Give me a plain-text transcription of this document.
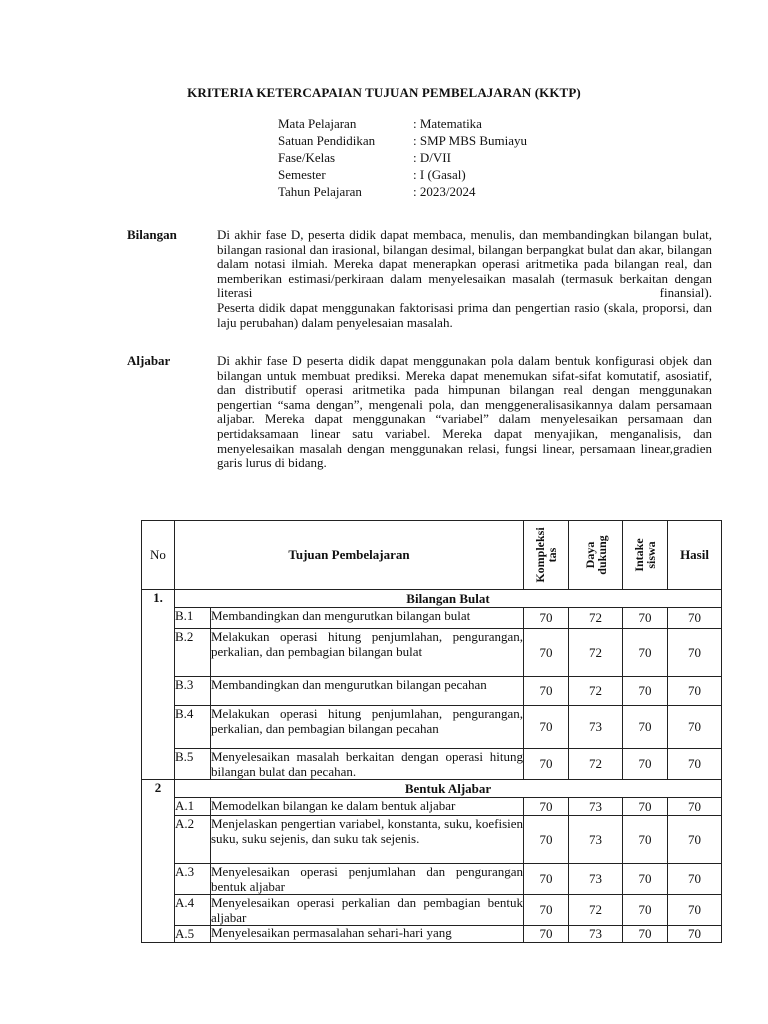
KRITERIA KETERCAPAIAN TUJUAN PEMBELAJARAN (KKTP)
Mata Pelajaran	: Matematika
Satuan Pendidikan	: SMP MBS Bumiayu
Fase/Kelas	: D/VII
Semester	: I (Gasal)
Tahun Pelajaran	: 2023/2024
Bilangan	Di akhir fase D, peserta didik dapat membaca, menulis, dan membandingkan bilangan bulat, bilangan rasional dan irasional, bilangan desimal, bilangan berpangkat bulat dan akar, bilangan dalam notasi ilmiah. Mereka dapat menerapkan operasi aritmetika pada bilangan real, dan memberikan estimasi/perkiraan dalam menyelesaikan masalah (termasuk berkaitan dengan literasi finansial).

Peserta didik dapat menggunakan faktorisasi prima dan pengertian rasio (skala, proporsi, dan laju perubahan) dalam penyelesaian masalah.

Aljabar	Di akhir fase D peserta didik dapat menggunakan pola dalam bentuk konfigurasi objek dan bilangan untuk membuat prediksi. Mereka dapat menemukan sifat-sifat komutatif, asosiatif, dan distributif operasi aritmetika pada himpunan bilangan real dengan menggunakan pengertian “sama dengan”, mengenali pola, dan menggeneralisasikannya dalam persamaan aljabar. Mereka dapat menggunakan “variabel” dalam menyelesaikan persamaan dan pertidaksamaan linear satu variabel. Mereka dapat menyajikan, menganalisis, dan menyelesaikan masalah dengan menggunakan relasi, fungsi linear, persamaan linear,gradien garis lurus di bidang.

No	Tujuan Pembelajaran		Kompleksi tas	Daya dukung	Intake siswa	Hasil
1.	Bilangan Bulat					
	B.1	Membandingkan dan mengurutkan bilangan bulat	70	72	70	70
	B.2	Melakukan operasi hitung penjumlahan, pengurangan, perkalian, dan pembagian bilangan bulat	70	72	70	70
	B.3	Membandingkan dan mengurutkan bilangan pecahan	70	72	70	70
	B.4	Melakukan operasi hitung penjumlahan, pengurangan, perkalian, dan pembagian bilangan pecahan	70	73	70	70
	B.5	Menyelesaikan masalah berkaitan dengan operasi hitung bilangan bulat dan pecahan.	70	72	70	70
2	Bentuk Aljabar					
	A.1	Memodelkan bilangan ke dalam bentuk aljabar	70	73	70	70
	A.2	Menjelaskan pengertian variabel, konstanta, suku, koefisien suku, suku sejenis, dan suku tak sejenis.	70	73	70	70
	A.3	Menyelesaikan operasi penjumlahan dan pengurangan bentuk aljabar	70	73	70	70
	A.4	Menyelesaikan operasi perkalian dan pembagian bentuk aljabar	70	72	70	70
	A.5	Menyelesaikan permasalahan sehari-hari yang	70	73	70	70
